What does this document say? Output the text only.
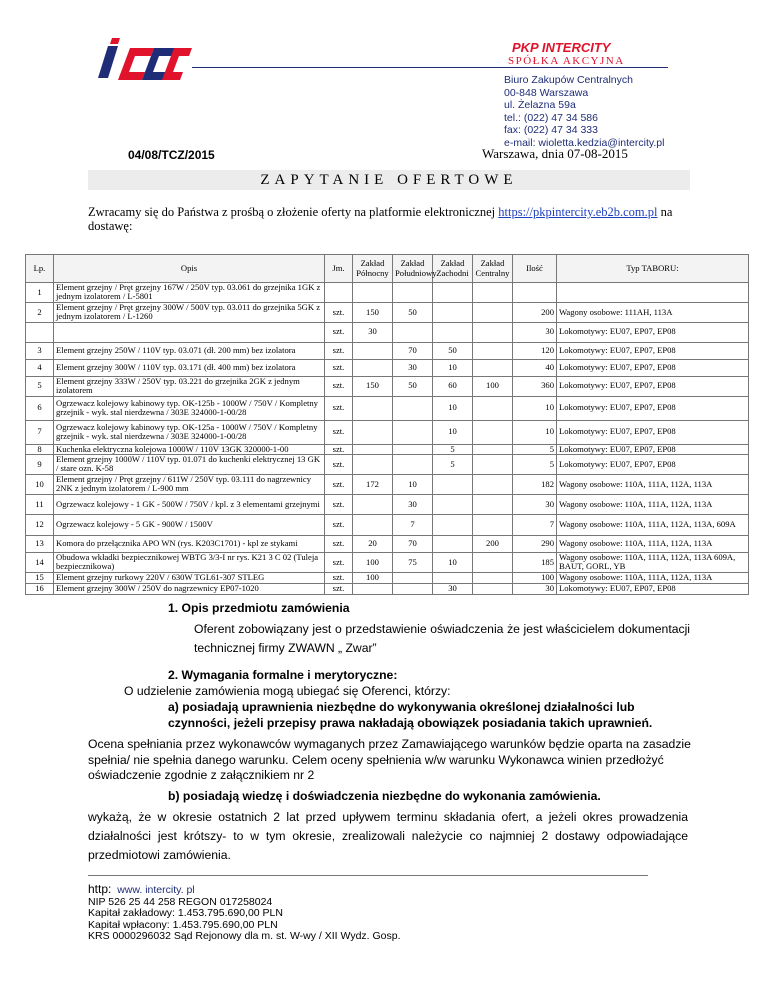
PKP INTERCITY
SPÓŁKA AKCYJNA
Biuro Zakupów Centralnych
00-848 Warszawa
ul. Żelazna 59a
tel.: (022) 47 34 586
fax: (022) 47 34 333
e-mail: wioletta.kedzia@intercity.pl
04/08/TCZ/2015	Warszawa, dnia 07-08-2015
ZAPYTANIE OFERTOWE
Zwracamy się do Państwa z prośbą o złożenie oferty na platformie elektronicznej https://pkpintercity.eb2b.com.pl na dostawę:
Lp.	Opis	Jm.	Zakład Północny	Zakład Południowy	Zakład Zachodni	Zakład Centralny	Ilość	Typ TABORU:
1	Element grzejny / Pręt grzejny 167W / 250V typ. 03.061 do grzejnika 1GK z jednym izolatorem / L-5801							
2	Element grzejny / Pręt grzejny 300W / 500V typ. 03.011 do grzejnika 5GK z jednym izolatorem / L-1260	szt.	150	50			200	Wagony osobowe: 111AH, 113A
		szt.	30				30	Lokomotywy: EU07, EP07, EP08
3	Element grzejny 250W / 110V typ. 03.071 (dł. 200 mm) bez izolatora	szt.		70	50		120	Lokomotywy: EU07, EP07, EP08
4	Element grzejny 300W / 110V typ. 03.171 (dł. 400 mm) bez izolatora	szt.		30	10		40	Lokomotywy: EU07, EP07, EP08
5	Element grzejny 333W / 250V typ. 03.221 do grzejnika 2GK z jednym izolatorem	szt.	150	50	60	100	360	Lokomotywy: EU07, EP07, EP08
6	Ogrzewacz kolejowy kabinowy typ. OK-125b - 1000W / 750V / Kompletny grzejnik - wyk. stal nierdzewna / 303E 324000-1-00/28	szt.			10		10	Lokomotywy: EU07, EP07, EP08
7	Ogrzewacz kolejowy kabinowy typ. OK-125a - 1000W / 750V / Kompletny grzejnik - wyk. stal nierdzewna / 303E 324000-1-00/28	szt.			10		10	Lokomotywy: EU07, EP07, EP08
8	Kuchenka elektryczna kolejowa 1000W / 110V 13GK 320000-1-00	szt.			5		5	Lokomotywy: EU07, EP07, EP08
9	Element grzejny 1000W / 110V typ. 01.071 do kuchenki elektrycznej 13 GK / stare ozn. K-58	szt.			5		5	Lokomotywy: EU07, EP07, EP08
10	Element grzejny / Pręt grzejny / 611W / 250V typ. 03.111 do nagrzewnicy 2NK z jednym izolatorem / L-900 mm	szt.	172	10			182	Wagony osobowe: 110A, 111A, 112A, 113A
11	Ogrzewacz kolejowy - 1 GK - 500W / 750V / kpl. z 3 elementami grzejnymi	szt.		30			30	Wagony osobowe: 110A, 111A, 112A, 113A
12	Ogrzewacz kolejowy - 5 GK - 900W / 1500V	szt.		7			7	Wagony osobowe: 110A, 111A, 112A, 113A, 609A
13	Komora do przełącznika APO WN (rys. K203C1701) - kpl ze stykami	szt.	20	70		200	290	Wagony osobowe: 110A, 111A, 112A, 113A
14	Obudowa wkładki bezpiecznikowej WBTG 3/3-I nr rys. K21 3 C 02 (Tuleja bezpiecznikowa)	szt.	100	75	10		185	Wagony osobowe: 110A, 111A, 112A, 113A 609A, BAUT, GORL, YB
15	Element grzejny rurkowy 220V / 630W TGL61-307 STLEG	szt.	100				100	Wagony osobowe: 110A, 111A, 112A, 113A
16	Element grzejny 300W / 250V do nagrzewnicy EP07-1020	szt.			30		30	Lokomotywy: EU07, EP07, EP08
1. Opis przedmiotu zamówienia
Oferent zobowiązany jest o przedstawienie oświadczenia że jest właścicielem dokumentacji technicznej firmy ZWAWN „ Zwar”
2. Wymagania formalne i merytoryczne:
O udzielenie zamówienia mogą ubiegać się Oferenci, którzy:
a) posiadają uprawnienia niezbędne do wykonywania określonej działalności lub czynności, jeżeli przepisy prawa nakładają obowiązek posiadania takich uprawnień.
Ocena spełniania przez wykonawców wymaganych przez Zamawiającego warunków będzie oparta na zasadzie spełnia/ nie spełnia danego warunku. Celem oceny spełnienia w/w warunku Wykonawca winien przedłożyć oświadczenie zgodnie z załącznikiem nr 2
b) posiadają wiedzę i doświadczenia niezbędne do wykonania zamówienia.
wykażą, że w okresie ostatnich 2 lat przed upływem terminu składania ofert, a jeżeli okres prowadzenia działalności jest krótszy- to w tym okresie, zrealizowali należycie co najmniej 2 dostawy odpowiadające przedmiotowi zamówienia.
http: www. intercity. pl
NIP 526 25 44 258 REGON 017258024
Kapitał zakładowy: 1.453.795.690,00 PLN
Kapitał wpłacony: 1.453.795.690,00 PLN
KRS 0000296032 Sąd Rejonowy dla m. st. W-wy / XII Wydz. Gosp.
